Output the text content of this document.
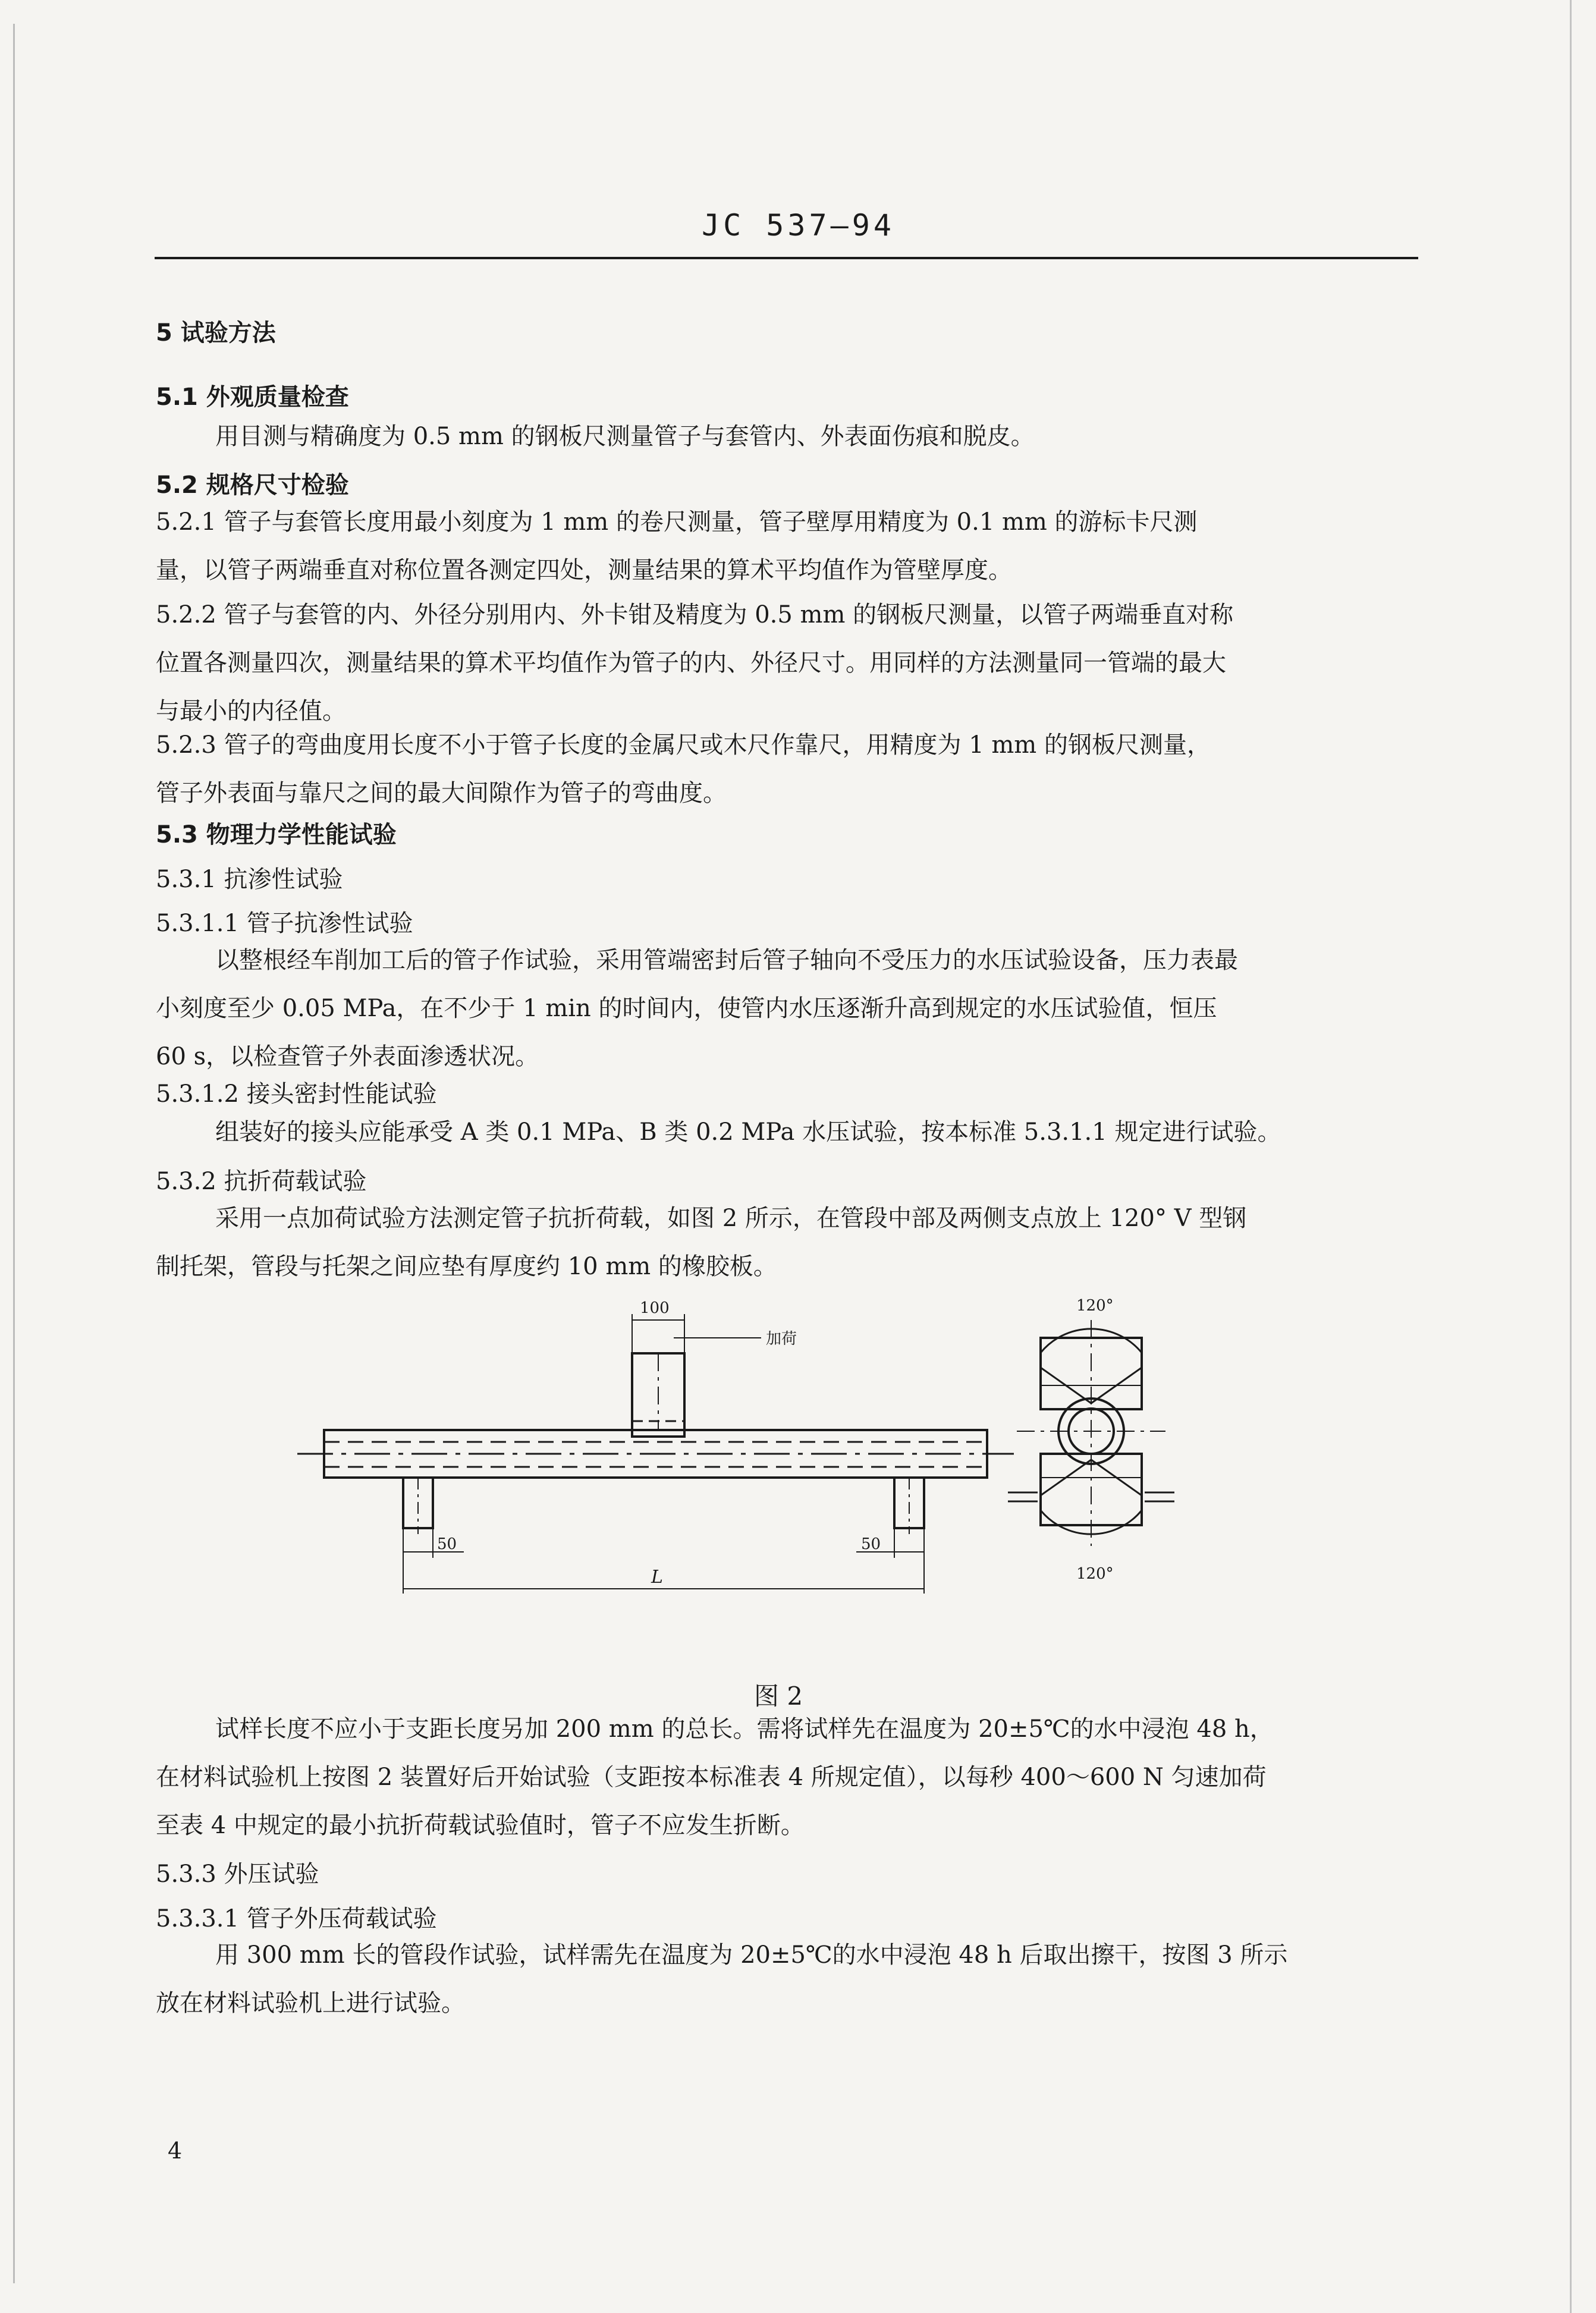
JC 537—94
5 试验方法
5.1 外观质量检查
用目测与精确度为 0.5 mm 的钢板尺测量管子与套管内、外表面伤痕和脱皮。
5.2 规格尺寸检验
5.2.1 管子与套管长度用最小刻度为 1 mm 的卷尺测量，管子壁厚用精度为 0.1 mm 的游标卡尺测
量，以管子两端垂直对称位置各测定四处，测量结果的算术平均值作为管壁厚度。
5.2.2 管子与套管的内、外径分别用内、外卡钳及精度为 0.5 mm 的钢板尺测量，以管子两端垂直对称
位置各测量四次，测量结果的算术平均值作为管子的内、外径尺寸。用同样的方法测量同一管端的最大
与最小的内径值。
5.2.3 管子的弯曲度用长度不小于管子长度的金属尺或木尺作靠尺，用精度为 1 mm 的钢板尺测量，
管子外表面与靠尺之间的最大间隙作为管子的弯曲度。
5.3 物理力学性能试验
5.3.1 抗渗性试验
5.3.1.1 管子抗渗性试验
以整根经车削加工后的管子作试验，采用管端密封后管子轴向不受压力的水压试验设备，压力表最
小刻度至少 0.05 MPa，在不少于 1 min 的时间内，使管内水压逐渐升高到规定的水压试验值，恒压
60 s，以检查管子外表面渗透状况。
5.3.1.2 接头密封性能试验
组装好的接头应能承受 A 类 0.1 MPa、B 类 0.2 MPa 水压试验，按本标准 5.3.1.1 规定进行试验。
5.3.2 抗折荷载试验
采用一点加荷试验方法测定管子抗折荷载，如图 2 所示，在管段中部及两侧支点放上 120° V 型钢
制托架，管段与托架之间应垫有厚度约 10 mm 的橡胶板。
100
加荷
50	50
L
120°
120°
图 2
试样长度不应小于支距长度另加 200 mm 的总长。需将试样先在温度为 20±5℃的水中浸泡 48 h，
在材料试验机上按图 2 装置好后开始试验（支距按本标准表 4 所规定值），以每秒 400～600 N 匀速加荷
至表 4 中规定的最小抗折荷载试验值时，管子不应发生折断。
5.3.3 外压试验
5.3.3.1 管子外压荷载试验
用 300 mm 长的管段作试验，试样需先在温度为 20±5℃的水中浸泡 48 h 后取出擦干，按图 3 所示
放在材料试验机上进行试验。
4
